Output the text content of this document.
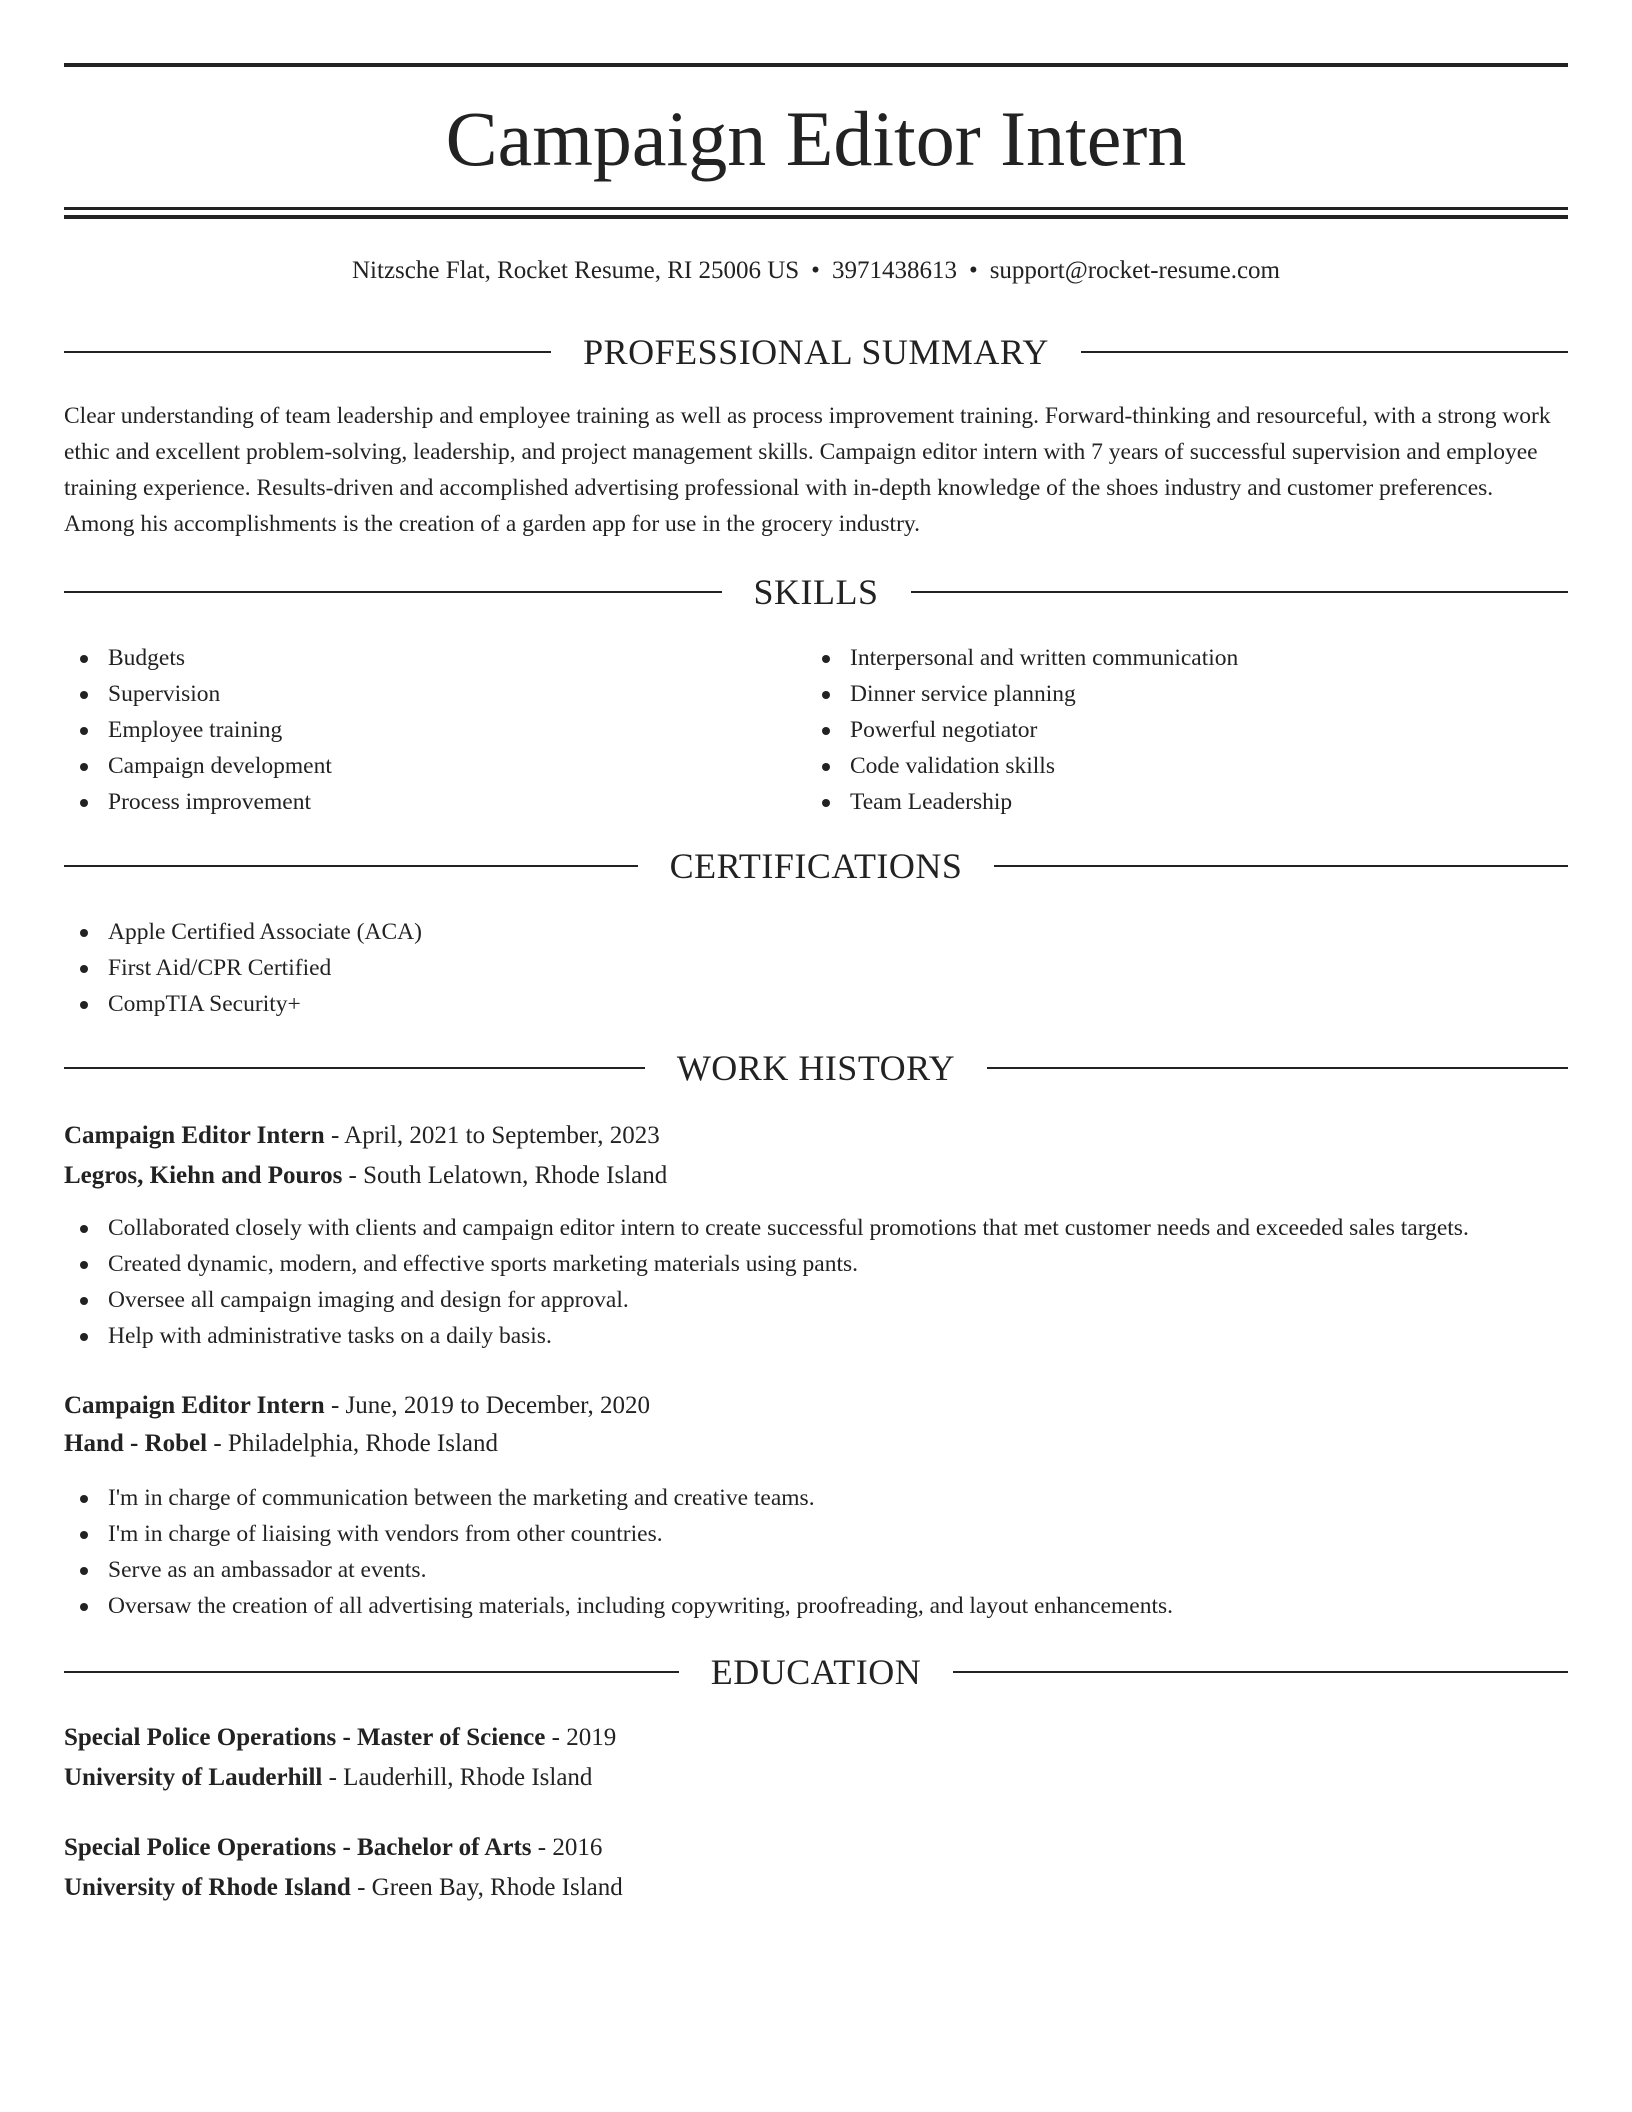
Campaign Editor Intern
Nitzsche Flat, Rocket Resume, RI 25006 US • 3971438613 • support@rocket-resume.com
PROFESSIONAL SUMMARY

Clear understanding of team leadership and employee training as well as process improvement training. Forward-thinking and resourceful, with a strong work ethic and excellent problem-solving, leadership, and project management skills. Campaign editor intern with 7 years of successful supervision and employee training experience. Results-driven and accomplished advertising professional with in-depth knowledge of the shoes industry and customer preferences. Among his accomplishments is the creation of a garden app for use in the grocery industry.

SKILLS
Budgets
Supervision
Employee training
Campaign development
Process improvement
Interpersonal and written communication
Dinner service planning
Powerful negotiator
Code validation skills
Team Leadership
CERTIFICATIONS
Apple Certified Associate (ACA)
First Aid/CPR Certified
CompTIA Security+
WORK HISTORY
Campaign Editor Intern - April, 2021 to September, 2023
Legros, Kiehn and Pouros - South Lelatown, Rhode Island
Collaborated closely with clients and campaign editor intern to create successful promotions that met customer needs and exceeded sales targets.
Created dynamic, modern, and effective sports marketing materials using pants.
Oversee all campaign imaging and design for approval.
Help with administrative tasks on a daily basis.
Campaign Editor Intern - June, 2019 to December, 2020
Hand - Robel - Philadelphia, Rhode Island
I'm in charge of communication between the marketing and creative teams.
I'm in charge of liaising with vendors from other countries.
Serve as an ambassador at events.
Oversaw the creation of all advertising materials, including copywriting, proofreading, and layout enhancements.
EDUCATION
Special Police Operations - Master of Science - 2019
University of Lauderhill - Lauderhill, Rhode Island
Special Police Operations - Bachelor of Arts - 2016
University of Rhode Island - Green Bay, Rhode Island
